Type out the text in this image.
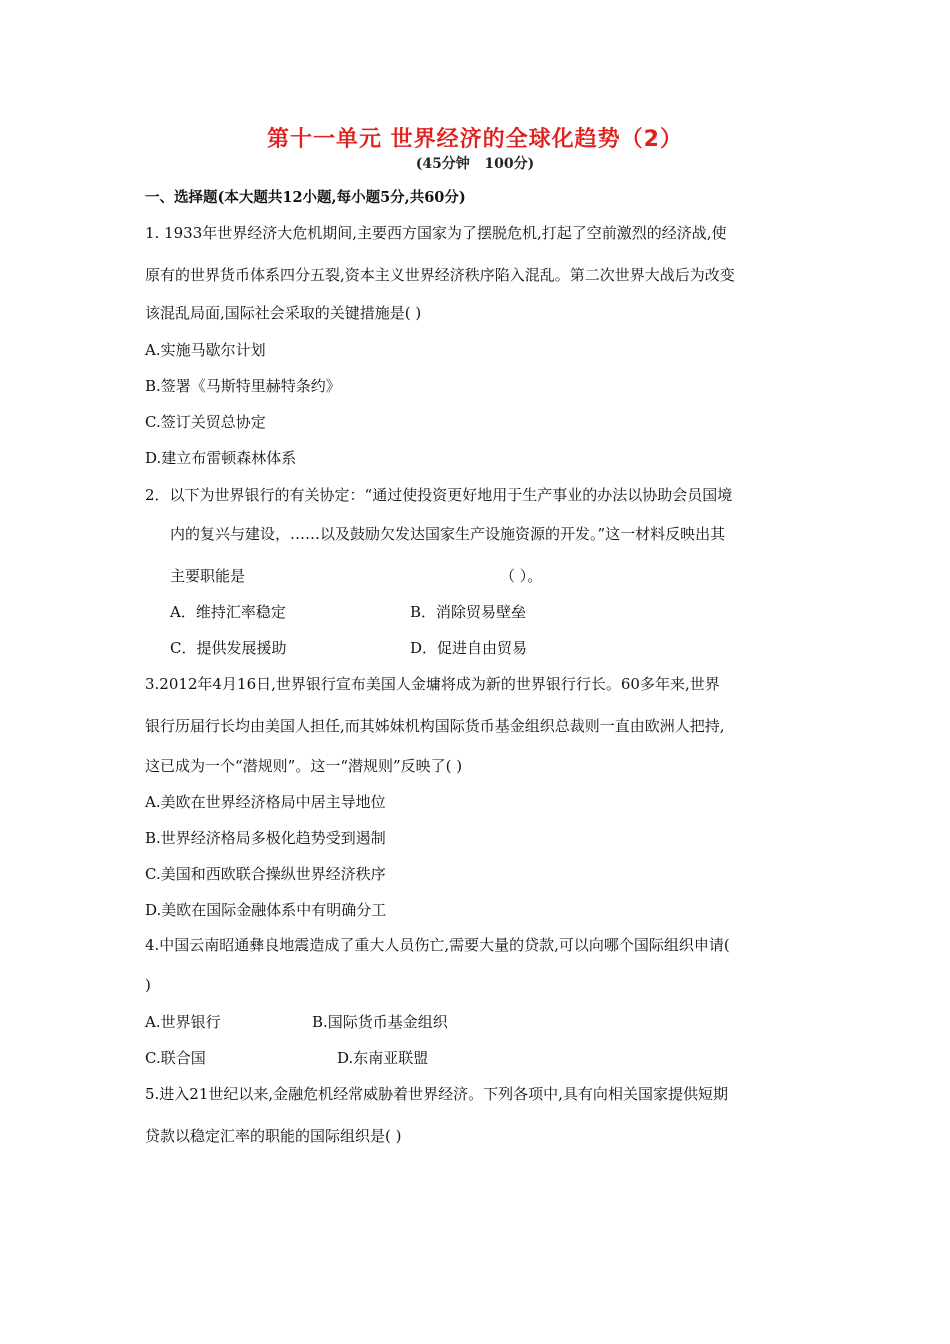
第十一单元 世界经济的全球化趋势（2）
(45分钟   100分)
一、选择题(本大题共12小题,每小题5分,共60分)
1. 1933年世界经济大危机期间,主要西方国家为了摆脱危机,打起了空前激烈的经济战,使
原有的世界货币体系四分五裂,资本主义世界经济秩序陷入混乱。第二次世界大战后为改变
该混乱局面,国际社会采取的关键措施是( )
A.实施马歇尔计划
B.签署《马斯特里赫特条约》
C.签订关贸总协定
D.建立布雷顿森林体系
2．以下为世界银行的有关协定：“通过使投资更好地用于生产事业的办法以协助会员国境
内的复兴与建设，……以及鼓励欠发达国家生产设施资源的开发。”这一材料反映出其
主要职能是	（ ）。
A．维持汇率稳定	B．消除贸易壁垒
C．提供发展援助	D．促进自由贸易
3.2012年4月16日,世界银行宣布美国人金墉将成为新的世界银行行长。60多年来,世界
银行历届行长均由美国人担任,而其姊妹机构国际货币基金组织总裁则一直由欧洲人把持,
这已成为一个“潜规则”。这一“潜规则”反映了( )
A.美欧在世界经济格局中居主导地位
B.世界经济格局多极化趋势受到遏制
C.美国和西欧联合操纵世界经济秩序
D.美欧在国际金融体系中有明确分工
4.中国云南昭通彝良地震造成了重大人员伤亡,需要大量的贷款,可以向哪个国际组织申请(
)
A.世界银行	B.国际货币基金组织
C.联合国	D.东南亚联盟
5.进入21世纪以来,金融危机经常威胁着世界经济。下列各项中,具有向相关国家提供短期
贷款以稳定汇率的职能的国际组织是( )
